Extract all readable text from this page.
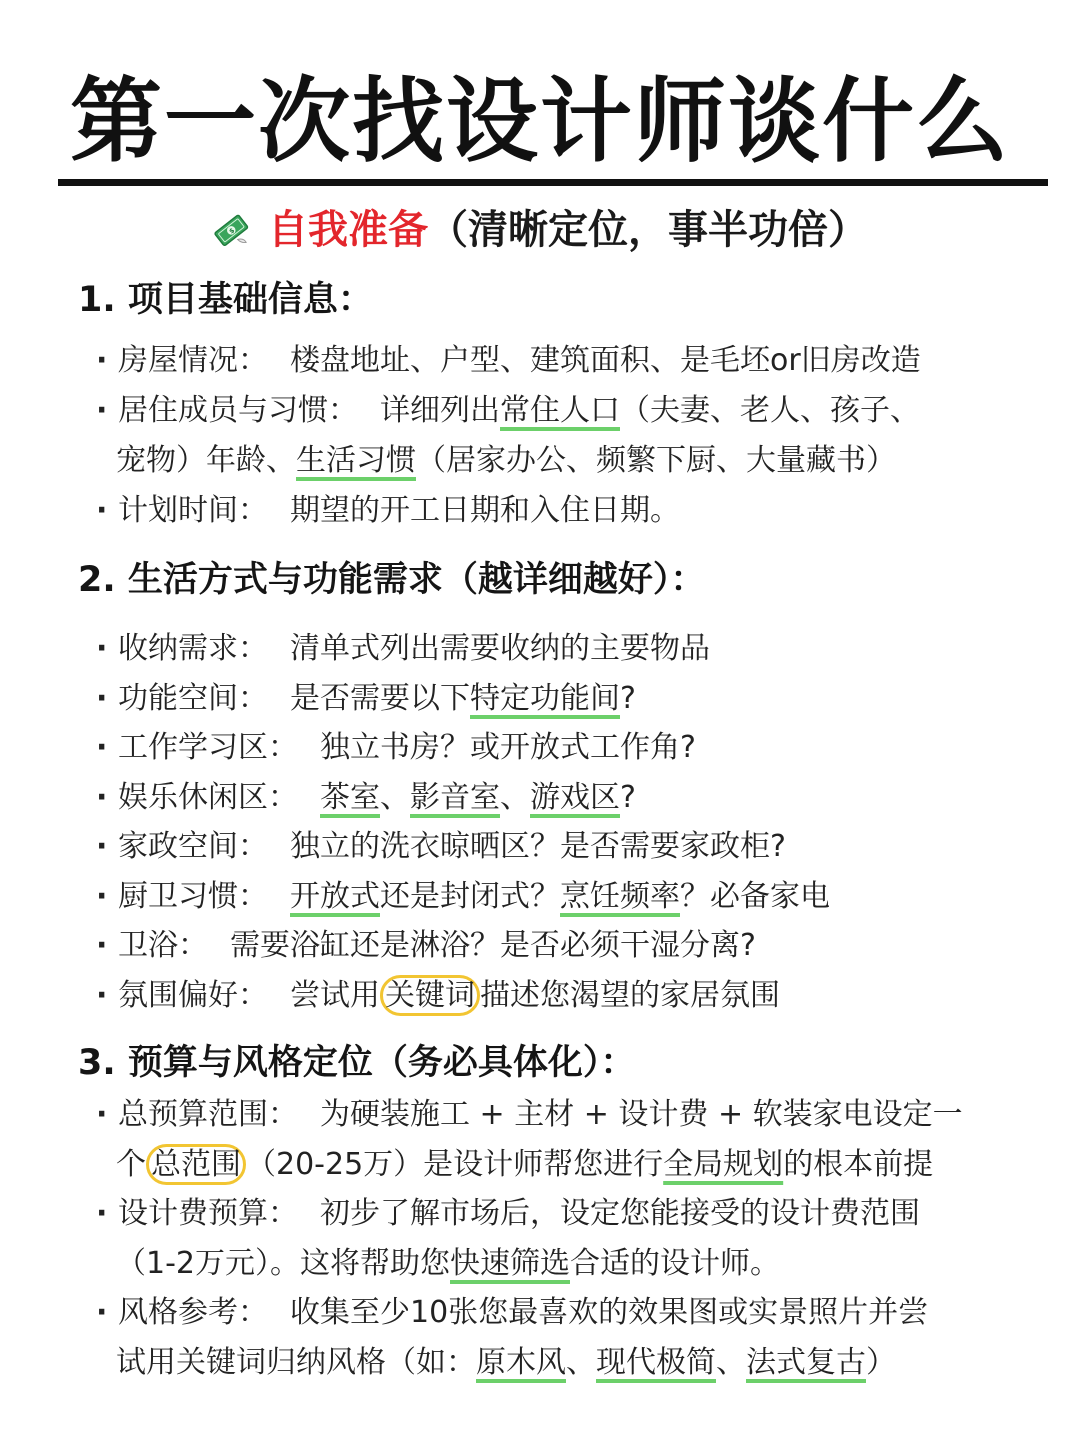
第一次找设计师谈什么
$ 自我准备（清晰定位，事半功倍）
1. 项目基础信息：
· 房屋情况： 楼盘地址、户型、建筑面积、是毛坯or旧房改造
· 居住成员与习惯： 详细列出常住人口（夫妻、老人、孩子、
宠物）年龄、生活习惯（居家办公、频繁下厨、大量藏书）
· 计划时间： 期望的开工日期和入住日期。
2. 生活方式与功能需求（越详细越好）：
· 收纳需求： 清单式列出需要收纳的主要物品
· 功能空间： 是否需要以下特定功能间?
· 工作学习区： 独立书房？或开放式工作角?
· 娱乐休闲区： 茶室、影音室、游戏区?
· 家政空间： 独立的洗衣晾晒区？是否需要家政柜?
· 厨卫习惯： 开放式还是封闭式？烹饪频率？必备家电
· 卫浴： 需要浴缸还是淋浴？是否必须干湿分离?
· 氛围偏好： 尝试用 关键词 描述您渴望的家居氛围
3. 预算与风格定位（务必具体化）：
· 总预算范围： 为硬装施工 + 主材 + 设计费 + 软装家电设定一
个 总范围 （20-25万）是设计师帮您进行全局规划的根本前提
· 设计费预算： 初步了解市场后，设定您能接受的设计费范围
（1-2万元）。这将帮助您快速筛选合适的设计师。
· 风格参考： 收集至少10张您最喜欢的效果图或实景照片并尝
试用关键词归纳风格（如：原木风、现代极简、法式复古）
